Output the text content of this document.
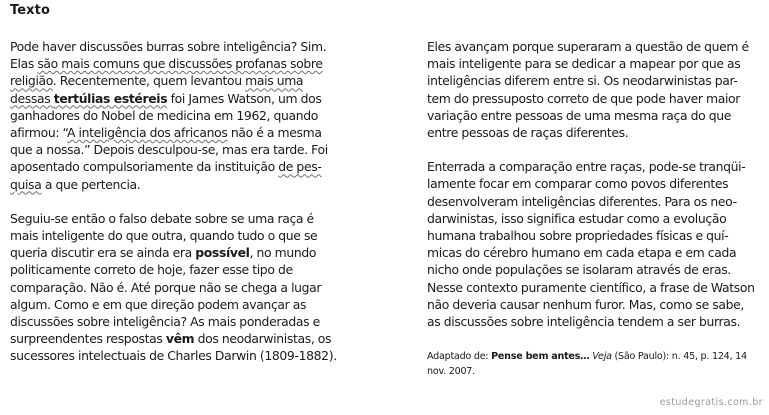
Texto
Pode haver discussões burras sobre inteligência? Sim.
Elas são mais comuns que discussões profanas sobre
religião. Recentemente, quem levantou mais uma
dessas tertúlias estéreis foi James Watson, um dos
ganhadores do Nobel de medicina em 1962, quando
afirmou: “A inteligência dos africanos não é a mesma
que a nossa.” Depois desculpou-se, mas era tarde. Foi
aposentado compulsoriamente da instituição de pes-
quisa a que pertencia.
Seguiu-se então o falso debate sobre se uma raça é
mais inteligente do que outra, quando tudo o que se
queria discutir era se ainda era possível, no mundo
politicamente correto de hoje, fazer esse tipo de
comparação. Não é. Até porque não se chega a lugar
algum. Como e em que direção podem avançar as
discussões sobre inteligência? As mais ponderadas e
surpreendentes respostas vêm dos neodarwinistas, os
sucessores intelectuais de Charles Darwin (1809-1882).
Eles avançam porque superaram a questão de quem é
mais inteligente para se dedicar a mapear por que as
inteligências diferem entre si. Os neodarwinistas par-
tem do pressuposto correto de que pode haver maior
variação entre pessoas de uma mesma raça do que
entre pessoas de raças diferentes.
Enterrada a comparação entre raças, pode-se tranqüi-
lamente focar em comparar como povos diferentes
desenvolveram inteligências diferentes. Para os neo-
darwinistas, isso significa estudar como a evolução
humana trabalhou sobre propriedades físicas e quí-
micas do cérebro humano em cada etapa e em cada
nicho onde populações se isolaram através de eras.
Nesse contexto puramente científico, a frase de Watson
não deveria causar nenhum furor. Mas, como se sabe,
as discussões sobre inteligência tendem a ser burras.
Adaptado de: Pense bem antes… Veja (São Paulo): n. 45, p. 124, 14
nov. 2007.
estudegratis.com.br
